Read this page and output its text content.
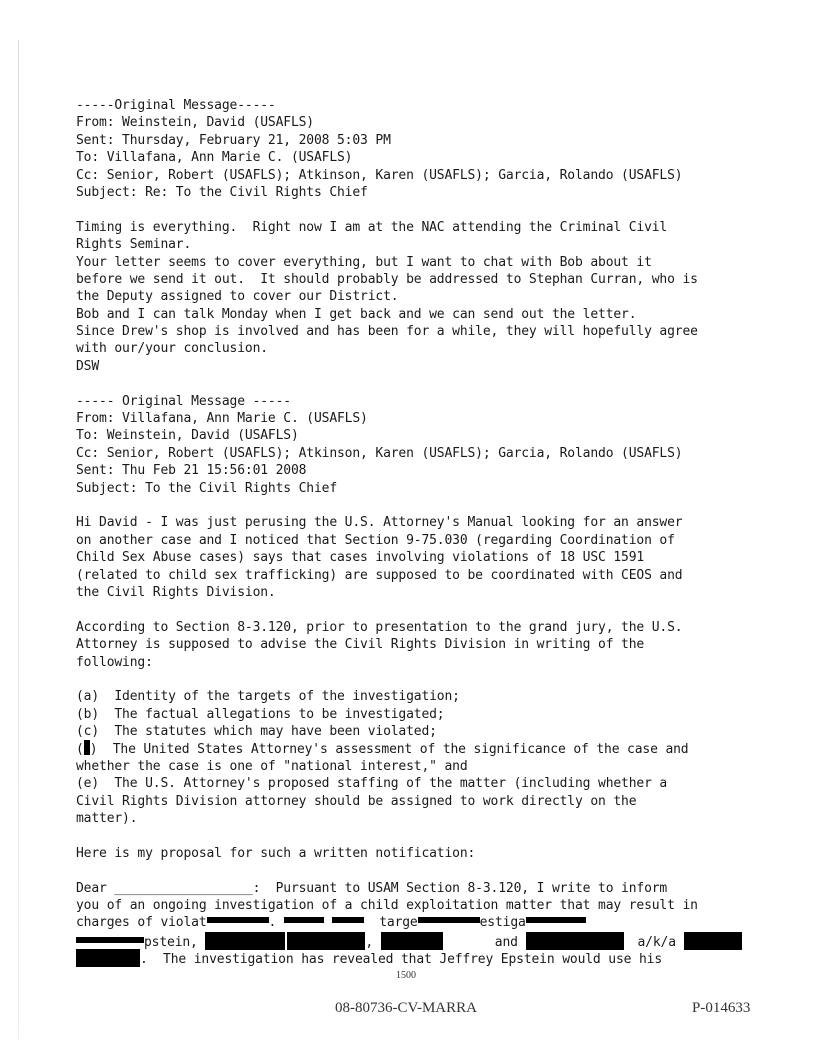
-----Original Message-----
From: Weinstein, David (USAFLS)
Sent: Thursday, February 21, 2008 5:03 PM
To: Villafana, Ann Marie C. (USAFLS)
Cc: Senior, Robert (USAFLS); Atkinson, Karen (USAFLS); Garcia, Rolando (USAFLS)
Subject: Re: To the Civil Rights Chief
Timing is everything.  Right now I am at the NAC attending the Criminal Civil
Rights Seminar.
Your letter seems to cover everything, but I want to chat with Bob about it
before we send it out.  It should probably be addressed to Stephan Curran, who is
the Deputy assigned to cover our District.
Bob and I can talk Monday when I get back and we can send out the letter.
Since Drew's shop is involved and has been for a while, they will hopefully agree
with our/your conclusion.
DSW
----- Original Message -----
From: Villafana, Ann Marie C. (USAFLS)
To: Weinstein, David (USAFLS)
Cc: Senior, Robert (USAFLS); Atkinson, Karen (USAFLS); Garcia, Rolando (USAFLS)
Sent: Thu Feb 21 15:56:01 2008
Subject: To the Civil Rights Chief
Hi David - I was just perusing the U.S. Attorney's Manual looking for an answer
on another case and I noticed that Section 9-75.030 (regarding Coordination of
Child Sex Abuse cases) says that cases involving violations of 18 USC 1591
(related to child sex trafficking) are supposed to be coordinated with CEOS and
the Civil Rights Division.
According to Section 8-3.120, prior to presentation to the grand jury, the U.S.
Attorney is supposed to advise the Civil Rights Division in writing of the
following:
(a)  Identity of the targets of the investigation;
(b)  The factual allegations to be investigated;
(c)  The statutes which may have been violated;
( )  The United States Attorney's assessment of the significance of the case and
whether the case is one of "national interest," and
(e)  The U.S. Attorney's proposed staffing of the matter (including whether a
Civil Rights Division attorney should be assigned to work directly on the
matter).
Here is my proposal for such a written notification:
Dear __________________:  Pursuant to USAM Section 8-3.120, I write to inform
you of an ongoing investigation of a child exploitation matter that may result in
charges of violat	.	targe	estiga
pstein,	,	and	a/k/a
.  The investigation has revealed that Jeffrey Epstein would use his
1500
08-80736-CV-MARRA	P-014633
